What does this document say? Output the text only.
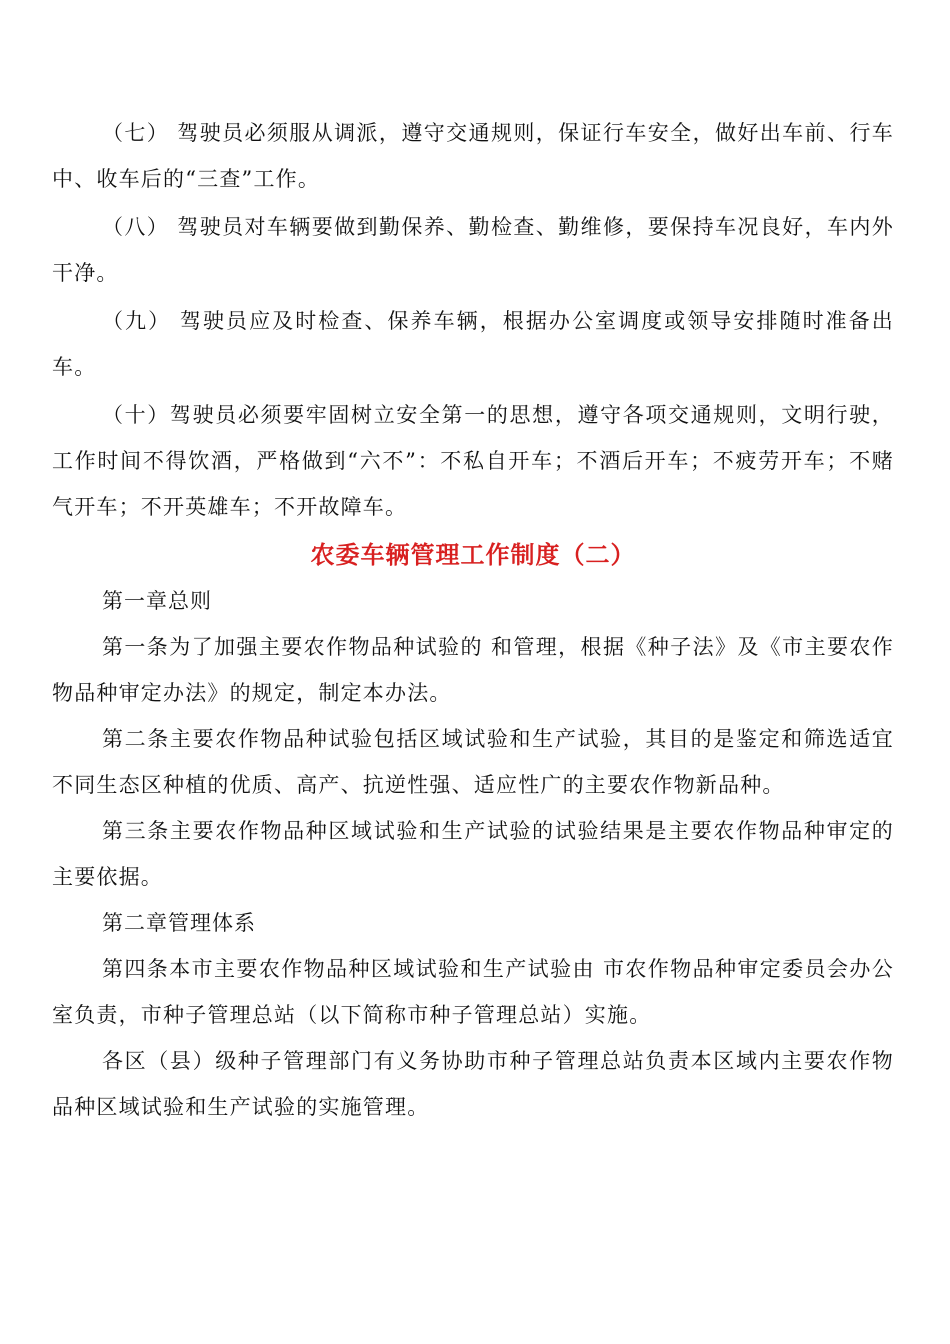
（七） 驾驶员必须服从调派，遵守交通规则，保证行车安全，做好出车前、行车中、收车后的“三查”工作。

（八） 驾驶员对车辆要做到勤保养、勤检查、勤维修，要保持车况良好，车内外干净。

（九） 驾驶员应及时检查、保养车辆，根据办公室调度或领导安排随时准备出车。

（十）驾驶员必须要牢固树立安全第一的思想，遵守各项交通规则，文明行驶，工作时间不得饮酒，严格做到“六不”：不私自开车；不酒后开车；不疲劳开车；不赌气开车；不开英雄车；不开故障车。

农委车辆管理工作制度（二）

第一章总则

第一条为了加强主要农作物品种试验的 和管理，根据《种子法》及《市主要农作物品种审定办法》的规定，制定本办法。

第二条主要农作物品种试验包括区域试验和生产试验，其目的是鉴定和筛选适宜不同生态区种植的优质、高产、抗逆性强、适应性广的主要农作物新品种。

第三条主要农作物品种区域试验和生产试验的试验结果是主要农作物品种审定的主要依据。

第二章管理体系

第四条本市主要农作物品种区域试验和生产试验由 市农作物品种审定委员会办公室负责，市种子管理总站（以下简称市种子管理总站）实施。

各区（县）级种子管理部门有义务协助市种子管理总站负责本区域内主要农作物品种区域试验和生产试验的实施管理。
